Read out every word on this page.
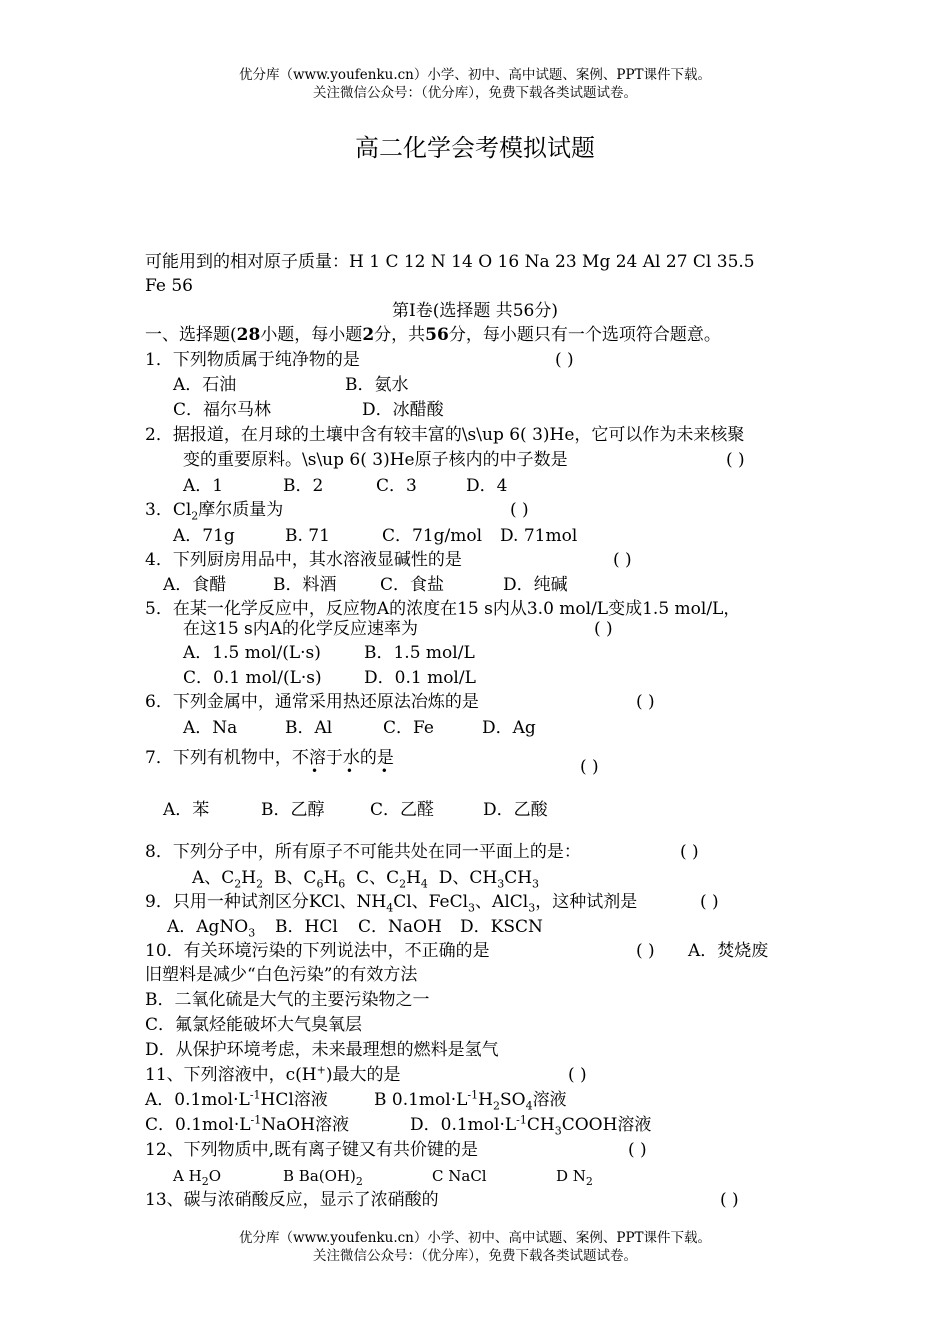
优分库（www.youfenku.cn）小学、初中、高中试题、案例、PPT课件下载。
关注微信公众号：（优分库），免费下载各类试题试卷。
高二化学会考模拟试题
可能用到的相对原子质量：H 1 C 12 N 14 O 16 Na 23 Mg 24 Al 27 Cl 35.5
Fe 56
第Ⅰ卷(选择题 共56分)
一、选择题(28小题，每小题2分，共56分，每小题只有一个选项符合题意。
1．下列物质属于纯净物的是	( )
A．石油	B．氨水
C．福尔马林	D．冰醋酸
2．据报道，在月球的土壤中含有较丰富的\s\up 6( 3)He，它可以作为未来核聚
变的重要原料。\s\up 6( 3)He原子核内的中子数是	( )
A．1	B．2	C．3	D．4
3．$Cl_2$摩尔质量为	( )
A．71g	B. 71	C．71g/mol D. 71mol
4．下列厨房用品中，其水溶液显碱性的是	( )
A．食醋	B．料酒	C．食盐	D．纯碱
5．在某一化学反应中，反应物A的浓度在15 s内从3.0 mol/L变成1.5 mol/L，
在这15 s内A的化学反应速率为	( )
A．1.5 mol/(L·s)	B．1.5 mol/L
C．0.1 mol/(L·s) D．0.1 mol/L
6．下列金属中，通常采用热还原法冶炼的是	( )
A．Na	B．Al	C．Fe	D．Ag
7．下列有机物中，不溶于水的是
• • •	( )
A．苯	B．乙醇	C．乙醛	D．乙酸
8．下列分子中，所有原子不可能共处在同一平面上的是：	( )
A、$C_2H_2$ B、$C_6H_6$ C、$C_2H_4$ D、$CH_3CH_3$
9．只用一种试剂区分KCl、$NH_4Cl$、FeCl$_3$、AlCl$_3$，这种试剂是	( )
A．AgNO$_3$ B．HCl C．NaOH D．KSCN
10．有关环境污染的下列说法中，不正确的是	( ) A．焚烧废
旧塑料是减少“白色污染”的有效方法
B．二氧化硫是大气的主要污染物之一
C．氟氯烃能破坏大气臭氧层
D．从保护环境考虑，未来最理想的燃料是氢气
11、下列溶液中，c(H+)最大的是	( )
A．$0.1mol\cdot L^{-1}HCl$溶液	B $0.1mol\cdot L^{-1}H_2SO_4$溶液
C．$0.1mol\cdot L^{-1}NaOH$溶液	D．$0.1mol\cdot L^{-1}CH_3COOH$溶液
12、下列物质中,既有离子键又有共价键的是	( )
A $H_2O$	B $Ba(OH)_2$	C NaCl	D $N_2$
13、碳与浓硝酸反应，显示了浓硝酸的	( )
优分库（www.youfenku.cn）小学、初中、高中试题、案例、PPT课件下载。
关注微信公众号：（优分库），免费下载各类试题试卷。
